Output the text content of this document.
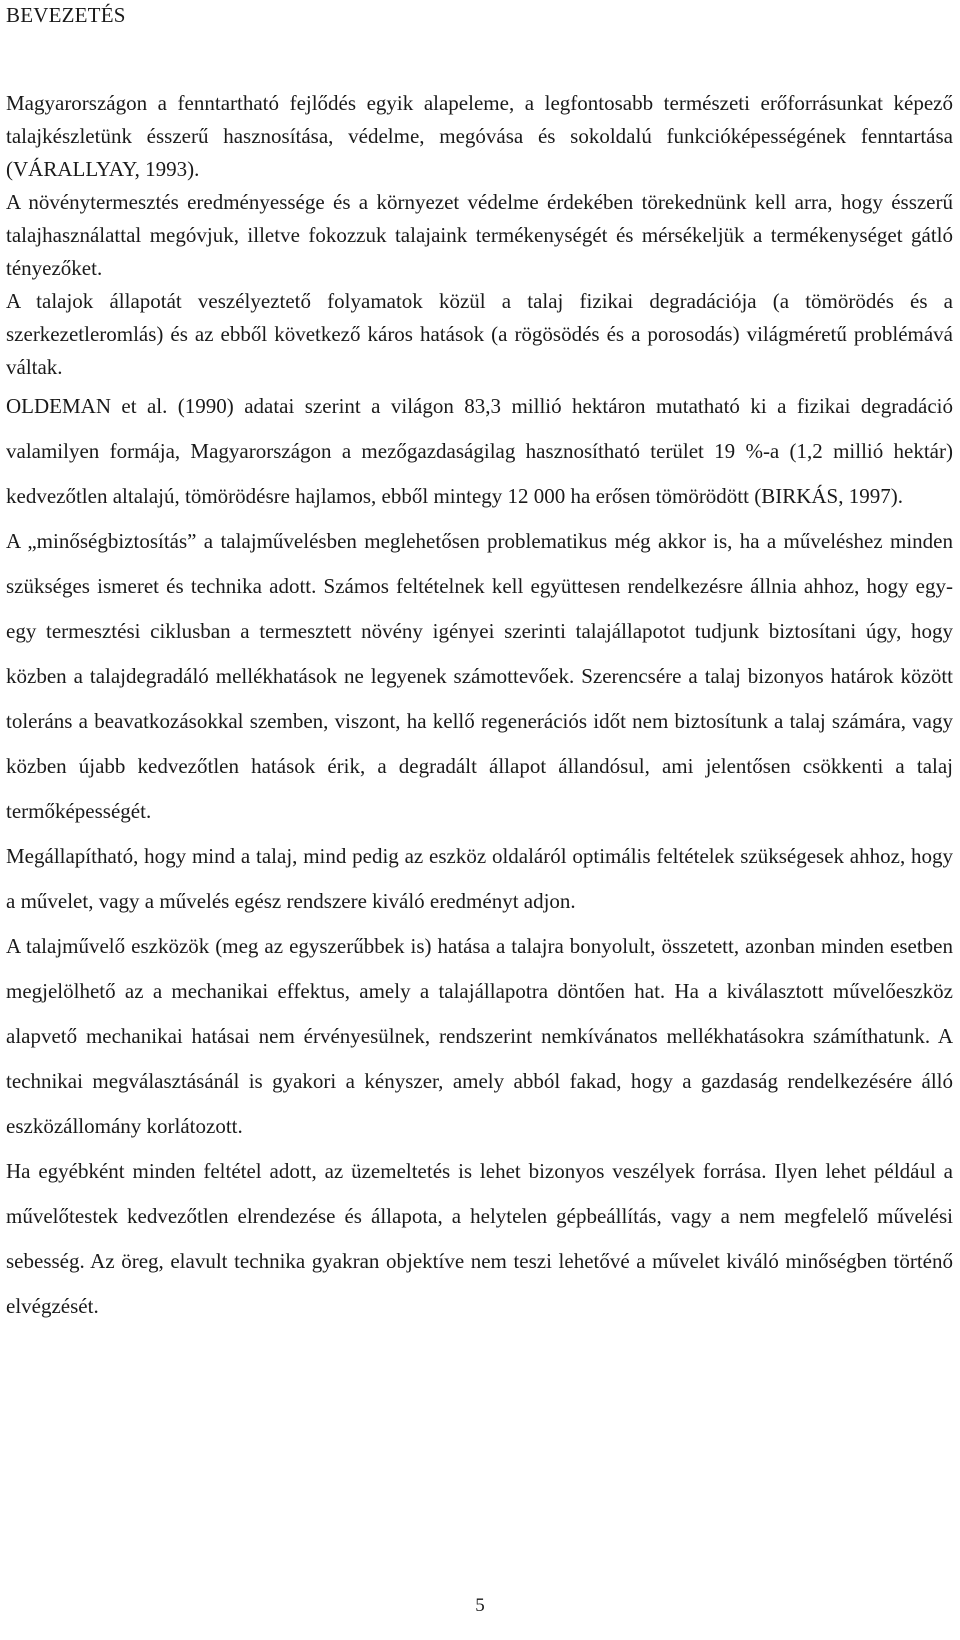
BEVEZETÉS

Magyarországon a fenntartható fejlődés egyik alapeleme, a legfontosabb természeti erőforrásunkat képező talajkészletünk ésszerű hasznosítása, védelme, megóvása és sokoldalú funkcióképességének fenntartása (VÁRALLYAY, 1993).

A növénytermesztés eredményessége és a környezet védelme érdekében törekednünk kell arra, hogy ésszerű talajhasználattal megóvjuk, illetve fokozzuk talajaink termékenységét és mérsékeljük a termékenységet gátló tényezőket.

A talajok állapotát veszélyeztető folyamatok közül a talaj fizikai degradációja (a tömörödés és a szerkezetleromlás) és az ebből következő káros hatások (a rögösödés és a porosodás) világméretű problémává váltak.

OLDEMAN et al. (1990) adatai szerint a világon 83,3 millió hektáron mutatható ki a fizikai degradáció valamilyen formája, Magyarországon a mezőgazdaságilag hasznosítható terület 19 %-a (1,2 millió hektár) kedvezőtlen altalajú, tömörödésre hajlamos, ebből mintegy 12 000 ha erősen tömörödött (BIRKÁS, 1997).

A „minőségbiztosítás” a talajművelésben meglehetősen problematikus még akkor is, ha a műveléshez minden szükséges ismeret és technika adott. Számos feltételnek kell együttesen rendelkezésre állnia ahhoz, hogy egy-egy termesztési ciklusban a termesztett növény igényei szerinti talajállapotot tudjunk biztosítani úgy, hogy közben a talajdegradáló mellékhatások ne legyenek számottevőek. Szerencsére a talaj bizonyos határok között toleráns a beavatkozásokkal szemben, viszont, ha kellő regenerációs időt nem biztosítunk a talaj számára, vagy közben újabb kedvezőtlen hatások érik, a degradált állapot állandósul, ami jelentősen csökkenti a talaj termőképességét.

Megállapítható, hogy mind a talaj, mind pedig az eszköz oldaláról optimális feltételek szükségesek ahhoz, hogy a művelet, vagy a művelés egész rendszere kiváló eredményt adjon.

A talajművelő eszközök (meg az egyszerűbbek is) hatása a talajra bonyolult, összetett, azonban minden esetben megjelölhető az a mechanikai effektus, amely a talajállapotra döntően hat. Ha a kiválasztott művelőeszköz alapvető mechanikai hatásai nem érvényesülnek, rendszerint nemkívánatos mellékhatásokra számíthatunk. A technikai megválasztásánál is gyakori a kényszer, amely abból fakad, hogy a gazdaság rendelkezésére álló eszközállomány korlátozott.

Ha egyébként minden feltétel adott, az üzemeltetés is lehet bizonyos veszélyek forrása. Ilyen lehet például a művelőtestek kedvezőtlen elrendezése és állapota, a helytelen gépbeállítás, vagy a nem megfelelő művelési sebesség. Az öreg, elavult technika gyakran objektíve nem teszi lehetővé a művelet kiváló minőségben történő elvégzését.

5
